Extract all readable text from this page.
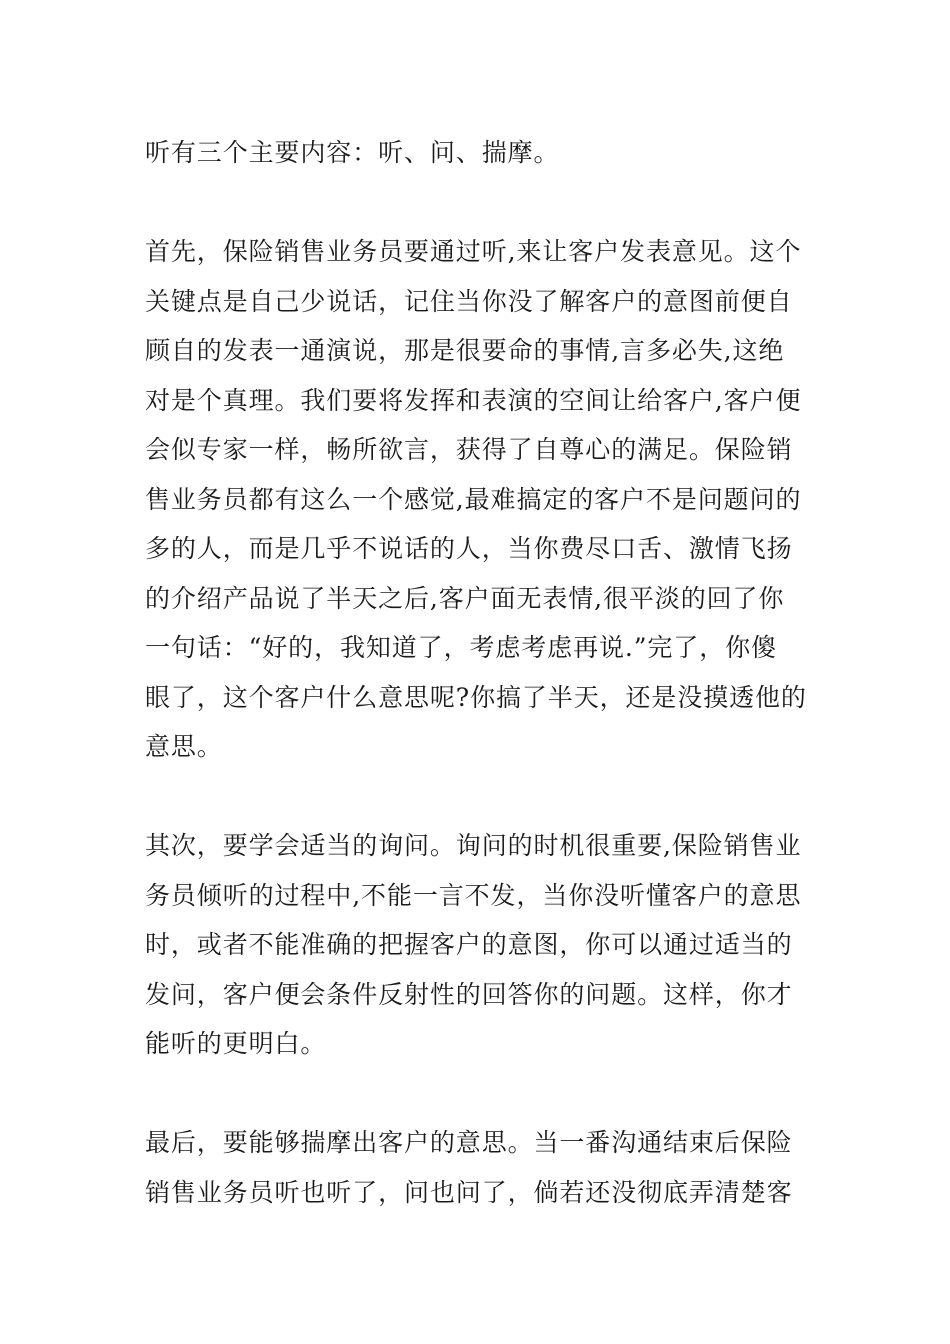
听有三个主要内容：听、问、揣摩。
首先，保险销售业务员要通过听,来让客户发表意见。这个
关键点是自己少说话，记住当你没了解客户的意图前便自
顾自的发表一通演说，那是很要命的事情,言多必失,这绝
对是个真理。我们要将发挥和表演的空间让给客户,客户便
会似专家一样，畅所欲言，获得了自尊心的满足。保险销
售业务员都有这么一个感觉,最难搞定的客户不是问题问的
多的人，而是几乎不说话的人，当你费尽口舌、激情飞扬
的介绍产品说了半天之后,客户面无表情,很平淡的回了你
一句话：“好的，我知道了，考虑考虑再说.”完了，你傻
眼了，这个客户什么意思呢?你搞了半天，还是没摸透他的
意思。
其次，要学会适当的询问。询问的时机很重要,保险销售业
务员倾听的过程中,不能一言不发，当你没听懂客户的意思
时，或者不能准确的把握客户的意图，你可以通过适当的
发问，客户便会条件反射性的回答你的问题。这样，你才
能听的更明白。
最后，要能够揣摩出客户的意思。当一番沟通结束后保险
销售业务员听也听了，问也问了，倘若还没彻底弄清楚客
